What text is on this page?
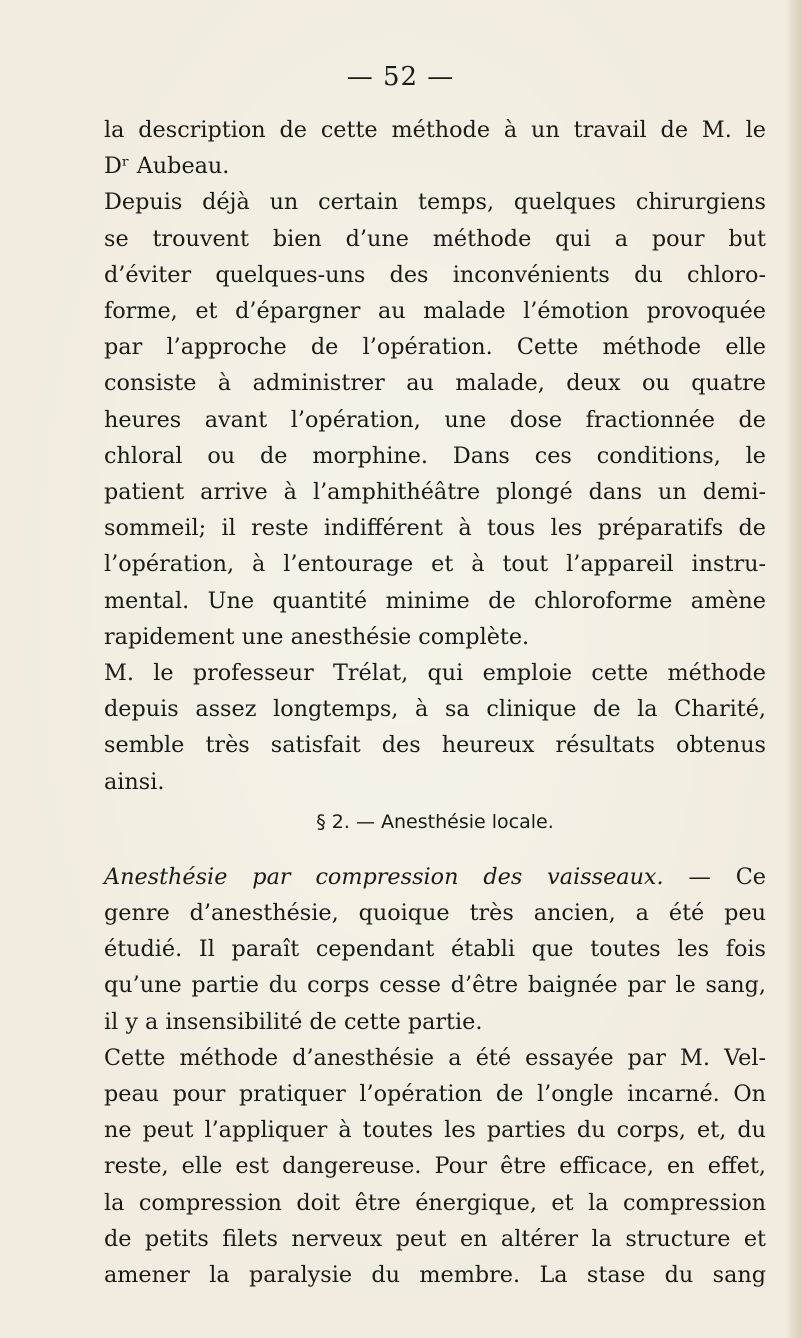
— 52 —
la description de cette méthode à un travail de M. le
Dʳ Aubeau.
Depuis déjà un certain temps, quelques chirurgiens
se trouvent bien d’une méthode qui a pour but
d’éviter quelques-uns des inconvénients du chloro-
forme, et d’épargner au malade l’émotion provoquée
par l’approche de l’opération. Cette méthode elle
consiste à administrer au malade, deux ou quatre
heures avant l’opération, une dose fractionnée de
chloral ou de morphine. Dans ces conditions, le
patient arrive à l’amphithéâtre plongé dans un demi-
sommeil; il reste indifférent à tous les préparatifs de
l’opération, à l’entourage et à tout l’appareil instru-
mental. Une quantité minime de chloroforme amène
rapidement une anesthésie complète.
M. le professeur Trélat, qui emploie cette méthode
depuis assez longtemps, à sa clinique de la Charité,
semble très satisfait des heureux résultats obtenus
ainsi.
§ 2. — Anesthésie locale.
Anesthésie par compression des vaisseaux. — Ce
genre d’anesthésie, quoique très ancien, a été peu
étudié. Il paraît cependant établi que toutes les fois
qu’une partie du corps cesse d’être baignée par le sang,
il y a insensibilité de cette partie.
Cette méthode d’anesthésie a été essayée par M. Vel-
peau pour pratiquer l’opération de l’ongle incarné. On
ne peut l’appliquer à toutes les parties du corps, et, du
reste, elle est dangereuse. Pour être efficace, en effet,
la compression doit être énergique, et la compression
de petits filets nerveux peut en altérer la structure et
amener la paralysie du membre. La stase du sang
